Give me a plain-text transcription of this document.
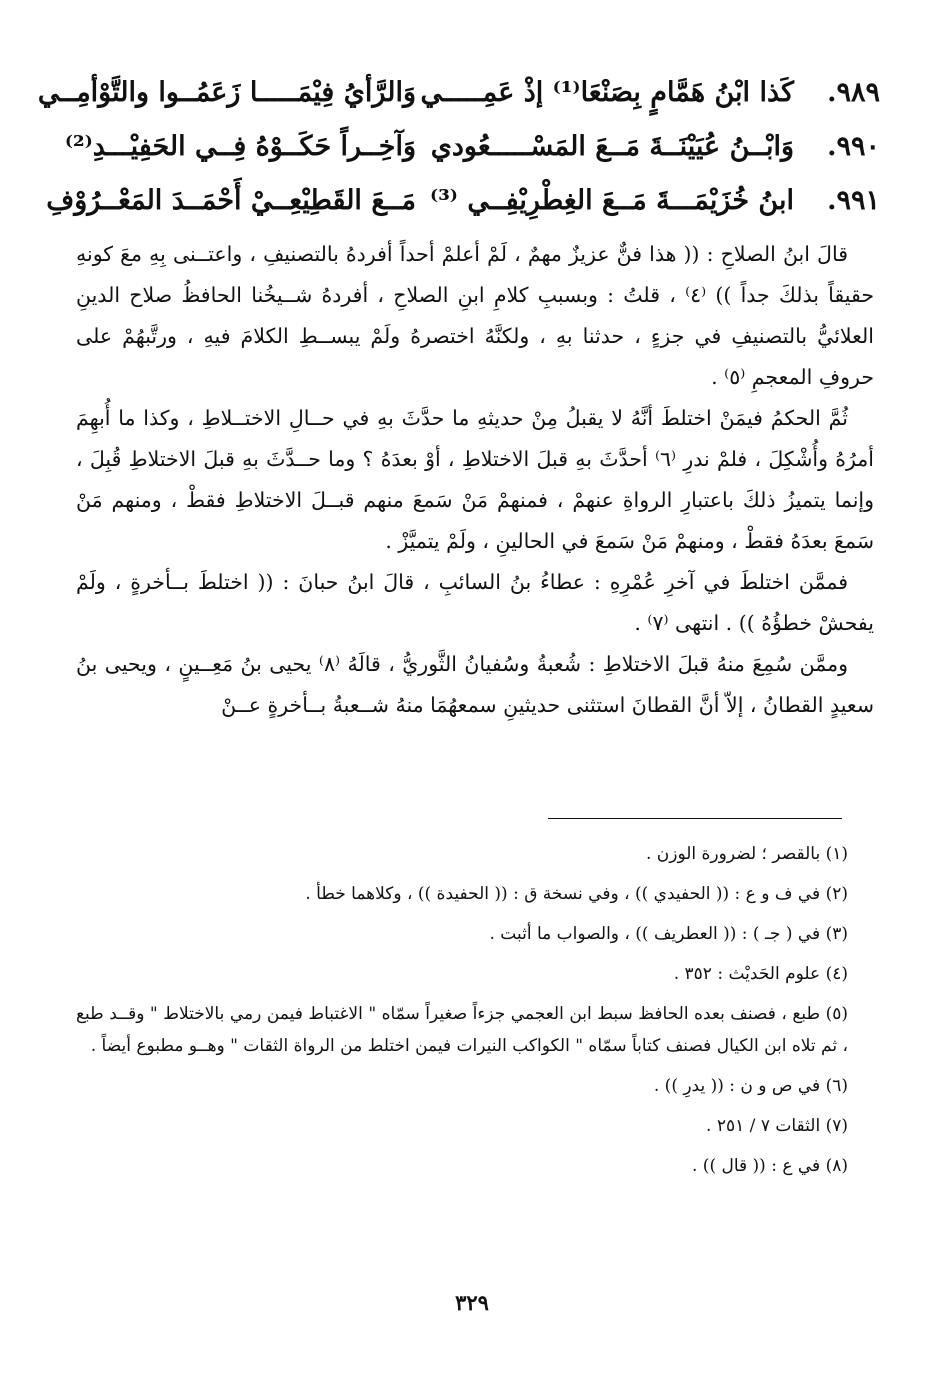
٩٨٩.
كَذا ابْنُ هَمَّامٍ بِصَنْعَا⁽¹⁾ إذْ عَمِـــــي
وَالرَّأيُ فِيْمَـــــا زَعَمُــوا والتَّوْأمِــي
٩٩٠.
وَابْــنُ عُيَيْنَــةَ مَــعَ المَسْـــــعُودي
وَآخِــراً حَكَــوْهُ فِــي الحَفِيْـــدِ⁽²⁾
٩٩١.
ابنُ خُزَيْمَـــةَ مَــعَ الغِطْرِيْفِــي ⁽³⁾
مَــعَ القَطِيْعِــيْ أَحْمَــدَ المَعْــرُوْفِ

قالَ ابنُ الصلاحِ : (( هذا فنٌّ عزيزٌ مهمٌ ، لَمْ أعلمْ أحداً أفردهُ بالتصنيفِ ، واعتــنى بِهِ معَ كونهِ حقيقاً بذلكَ جداً )) ⁽٤⁾ ، قلتُ : وبسببِ كلامِ ابنِ الصلاحِ ، أفردهُ شــيخُنا الحافظُ صلاح الدينِ العلائيُّ بالتصنيفِ في جزءٍ ، حدثنا بهِ ، ولكنَّهُ اختصرهُ ولَمْ يبســطِ الكلامَ فيهِ ، ورتَّبهُمْ على حروفِ المعجمِ ⁽٥⁾ .

ثُمَّ الحكمُ فيمَنْ اختلطَ أنَّهُ لا يقبلُ مِنْ حديثهِ ما حدَّثَ بهِ في حــالِ الاختــلاطِ ، وكذا ما أُبهِمَ أمرُهُ وأُشْكِلَ ، فلمْ ندرِ ⁽٦⁾ أحدَّثَ بهِ قبلَ الاختلاطِ ، أوْ بعدَهُ ؟ وما حــدَّثَ بهِ قبلَ الاختلاطِ قُبِلَ ، وإنما يتميزُ ذلكَ باعتبارِ الرواةِ عنهمْ ، فمنهمْ مَنْ سَمعَ منهم قبــلَ الاختلاطِ فقطْ ، ومنهم مَنْ سَمعَ بعدَهُ فقطْ ، ومنهمْ مَنْ سَمعَ في الحالينِ ، ولَمْ يتميَّزْ .

فممَّن اختلطَ في آخرِ عُمْرِهِ : عطاءُ بنُ السائبِ ، قالَ ابنُ حبانَ : (( اختلطَ بــأخرةٍ ، ولَمْ يفحشْ خطؤُهُ )) . انتهى ⁽٧⁾ .

وممَّن سُمِعَ منهُ قبلَ الاختلاطِ : شُعبةُ وسُفيانُ الثَّوريُّ ، قالَهُ ⁽٨⁾ يحيى بنُ مَعِــينٍ ، ويحيى بنُ سعيدٍ القطانُ ، إلاّ أنَّ القطانَ استثنى حديثينِ سمعهُمَا منهُ شــعبةُ بــأخرةٍ عــنْ

(١) بالقصر ؛ لضرورة الوزن .

(٢) في ف و ع : (( الحفيدي )) ، وفي نسخة ق : (( الحفيدة )) ، وكلاهما خطأ .

(٣) في ( جـ ) : (( العطريف )) ، والصواب ما أثبت .

(٤) علوم الحَديْث : ٣٥٢ .

(٥) طبع ، فصنف بعده الحافظ سبط ابن العجمي جزءاً صغيراً سمّاه " الاغتباط فيمن رمي بالاختلاط " وقــد طبع ، ثم تلاه ابن الكيال فصنف كتاباً سمّاه " الكواكب النيرات فيمن اختلط من الرواة الثقات " وهــو مطبوع أيضاً .

(٦) في ص و ن : (( يدرِ )) .

(٧) الثقات ٧ / ٢٥١ .

(٨) في ع : (( قال )) .

٣٢٩
